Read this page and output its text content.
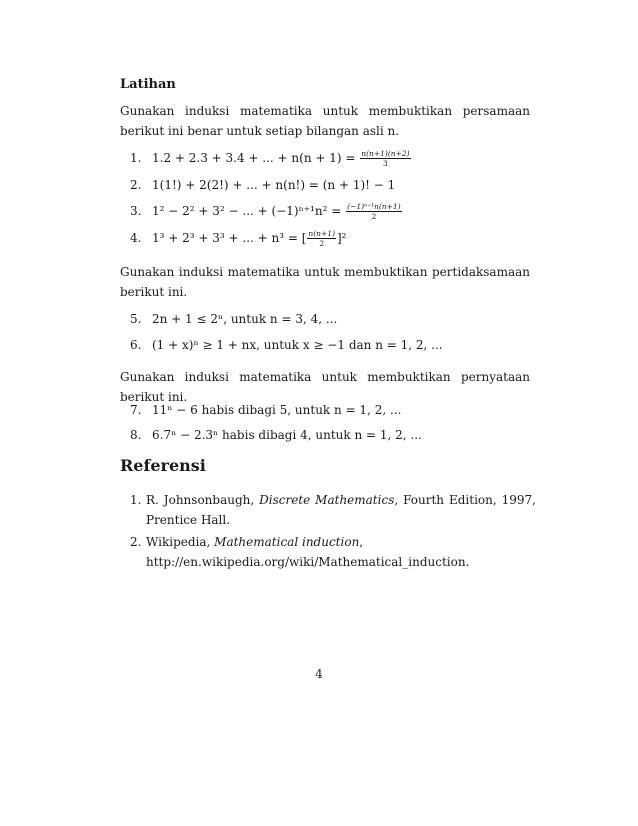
Latihan

Gunakan induksi matematika untuk membuktikan persamaan berikut ini benar untuk setiap bilangan asli n.

1. 1.2 + 2.3 + 3.4 + ... + $n(n + 1) = \frac{n(n+1)(n+2)}{3}$
2. 1(1!) + 2(2!) + ... + n(n!) = (n + 1)! − 1
3. 1² − 2² + 3² − ... + $(-1)^{n+1}n^2 = \frac{\text{(−1)ⁿ⁺¹n(n+1)}}{2}$
4. 1³ + 2³ + 3³ + ... + n³ = [ $\frac{n(n+1)}{2} ]^2$

Gunakan induksi matematika untuk membuktikan pertidaksamaan berikut ini.

5. 2n + 1 ≤ 2ⁿ, untuk n = 3, 4, ...
6. (1 + x)ⁿ ≥ 1 + nx, untuk x ≥ −1 dan n = 1, 2, ...

Gunakan induksi matematika untuk membuktikan pernyataan berikut ini.

7. 11ⁿ − 6 habis dibagi 5, untuk n = 1, 2, ...
8. 6.7ⁿ − 2.3ⁿ habis dibagi 4, untuk n = 1, 2, ...
Referensi
1. R. Johnsonbaugh, Discrete Mathematics, Fourth Edition, 1997, Prentice Hall.
2. Wikipedia, Mathematical induction,
http://en.wikipedia.org/wiki/Mathematical_induction.

4
